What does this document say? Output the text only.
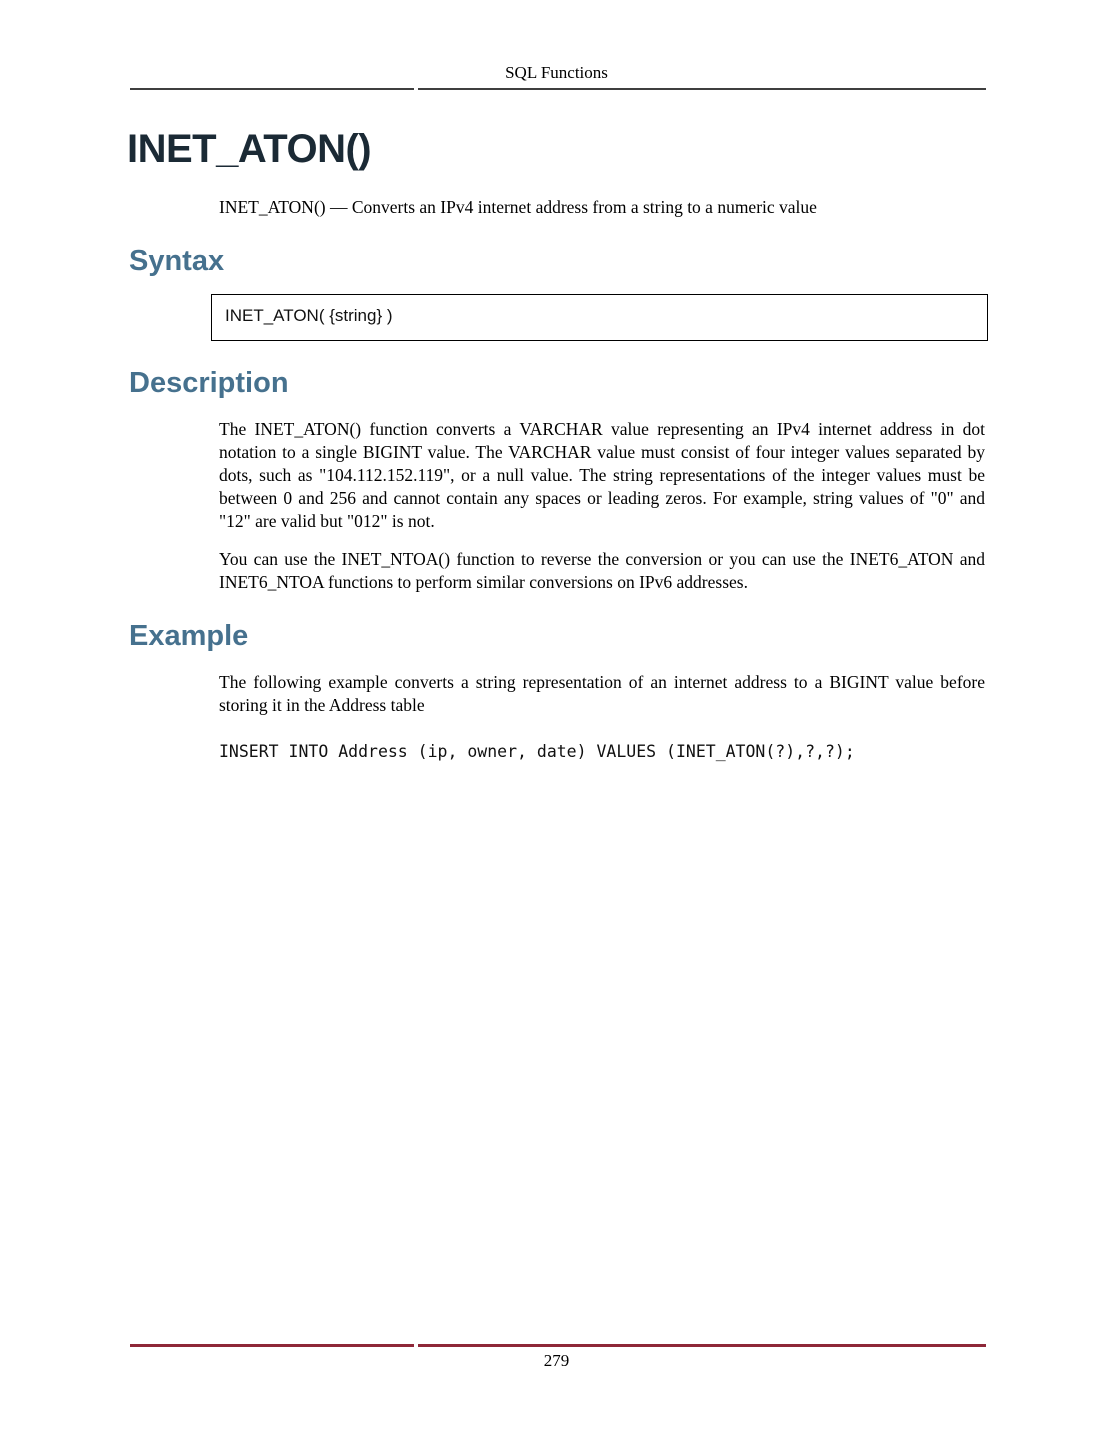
SQL Functions
INET_ATON()

INET_ATON() — Converts an IPv4 internet address from a string to a numeric value

Syntax
INET_ATON( {string} )
Description

The INET_ATON() function converts a VARCHAR value representing an IPv4 internet address in dot notation to a single BIGINT value. The VARCHAR value must consist of four integer values separated by dots, such as "104.112.152.119", or a null value. The string representations of the integer values must be between 0 and 256 and cannot contain any spaces or leading zeros. For example, string values of "0" and "12" are valid but "012" is not.

You can use the INET_NTOA() function to reverse the conversion or you can use the INET6_ATON and INET6_NTOA functions to perform similar conversions on IPv6 addresses.

Example

The following example converts a string representation of an internet address to a BIGINT value before storing it in the Address table

INSERT INTO Address (ip, owner, date) VALUES (INET_ATON(?),?,?);
279
